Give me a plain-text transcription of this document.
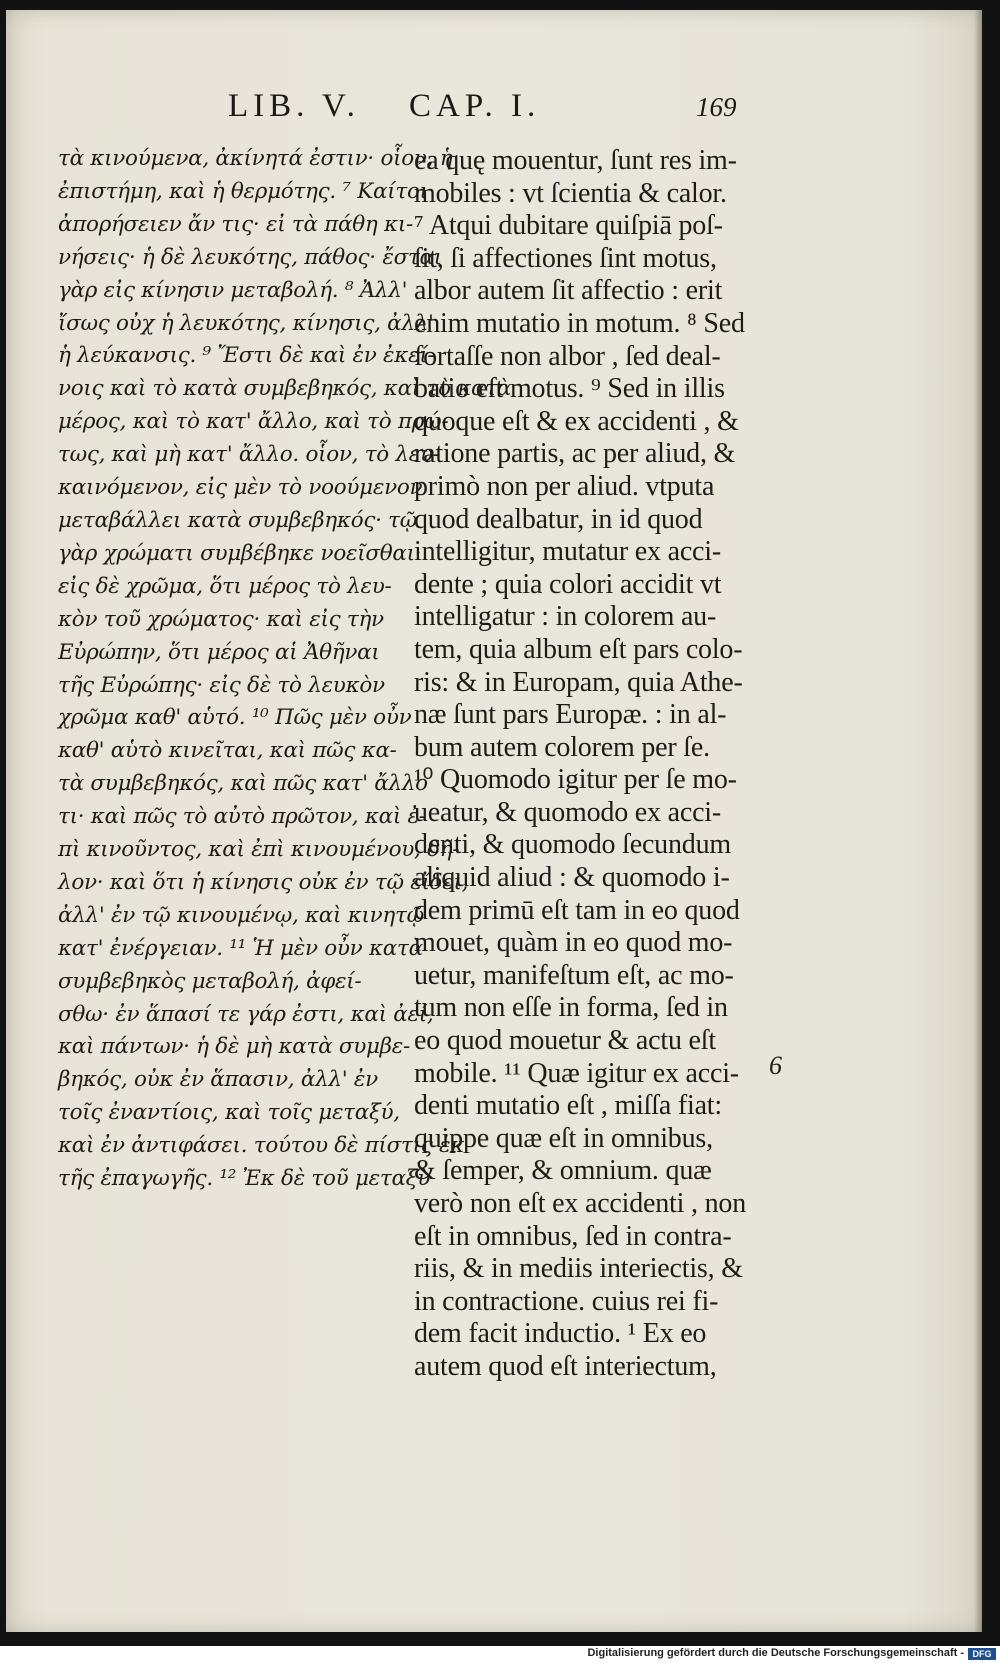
LIB. V. CAP. I.	169
τὰ κινούμενα, ἀκίνητά ἐστιν· οἷον, ἡ
ἐπιστήμη, καὶ ἡ θερμότης. ⁷ Καίτοι
ἀπορήσειεν ἄν τις· εἰ τὰ πάθη κι-
νήσεις· ἡ δὲ λευκότης, πάθος· ἔσται
γὰρ εἰς κίνησιν μεταβολή. ⁸ Ἀλλ'
ἴσως οὐχ ἡ λευκότης, κίνησις, ἀλλ'
ἡ λεύκανσις. ⁹ Ἔστι δὲ καὶ ἐν ἐκεί-
νοις καὶ τὸ κατὰ συμβεβηκός, καὶ τὸ κατὰ
μέρος, καὶ τὸ κατ' ἄλλο, καὶ τὸ πρώ-
τως, καὶ μὴ κατ' ἄλλο. οἷον, τὸ λευ-
καινόμενον, εἰς μὲν τὸ νοούμενον
μεταβάλλει κατὰ συμβεβηκός· τῷ
γὰρ χρώματι συμβέβηκε νοεῖσθαι·
εἰς δὲ χρῶμα, ὅτι μέρος τὸ λευ-
κὸν τοῦ χρώματος· καὶ εἰς τὴν
Εὐρώπην, ὅτι μέρος αἱ Ἀθῆναι
τῆς Εὐρώπης· εἰς δὲ τὸ λευκὸν
χρῶμα καθ' αὑτό. ¹⁰ Πῶς μὲν οὖν
καθ' αὑτὸ κινεῖται, καὶ πῶς κα-
τὰ συμβεβηκός, καὶ πῶς κατ' ἄλλο
τι· καὶ πῶς τὸ αὐτὸ πρῶτον, καὶ ἐ-
πὶ κινοῦντος, καὶ ἐπὶ κινουμένου, δῆ-
λον· καὶ ὅτι ἡ κίνησις οὐκ ἐν τῷ εἴδει,
ἀλλ' ἐν τῷ κινουμένῳ, καὶ κινητῷ
κατ' ἐνέργειαν. ¹¹ Ἡ μὲν οὖν κατὰ
συμβεβηκὸς μεταβολή, ἀφεί-
σθω· ἐν ἅπασί τε γάρ ἐστι, καὶ ἀεί,
καὶ πάντων· ἡ δὲ μὴ κατὰ συμβε-
βηκός, οὐκ ἐν ἅπασιν, ἀλλ' ἐν
τοῖς ἐναντίοις, καὶ τοῖς μεταξύ,
καὶ ἐν ἀντιφάσει. τούτου δὲ πίστις ἐκ
τῆς ἐπαγωγῆς. ¹² Ἐκ δὲ τοῦ μεταξὺ
ea quę mouentur, ſunt res im-
mobiles : vt ſcientia & calor.
⁷ Atqui dubitare quiſpiā poſ-
ſit, ſi affectiones ſint motus,
albor autem ſit affectio : erit
enim mutatio in motum. ⁸ Sed
fortaſſe non albor , ſed deal-
batio eſt motus. ⁹ Sed in illis
quoque eſt & ex accidenti , &
ratione partis, ac per aliud, &
primò non per aliud. vtputa
quod dealbatur, in id quod
intelligitur, mutatur ex acci-
dente ; quia colori accidit vt
intelligatur : in colorem au-
tem, quia album eſt pars colo-
ris: & in Europam, quia Athe-
næ ſunt pars Europæ. : in al-
bum autem colorem per ſe.
¹⁰ Quomodo igitur per ſe mo-
ueatur, & quomodo ex acci-
denti, & quomodo ſecundum
aliquid aliud : & quomodo i-
dem primū eſt tam in eo quod
mouet, quàm in eo quod mo-
uetur, manifeſtum eſt, ac mo-
tum non eſſe in forma, ſed in
eo quod mouetur & actu eſt
mobile. ¹¹ Quæ igitur ex acci-
denti mutatio eſt , miſſa fiat:
quippe quæ eſt in omnibus,
& ſemper, & omnium. quæ
verò non eſt ex accidenti , non
eſt in omnibus, ſed in contra-
riis, & in mediis interiectis, &
in contractione. cuius rei fi-
dem facit inductio. ¹ Ex eo
autem quod eſt interiectum,
6
Digitalisierung gefördert durch die Deutsche Forschungsgemeinschaft - DFG
